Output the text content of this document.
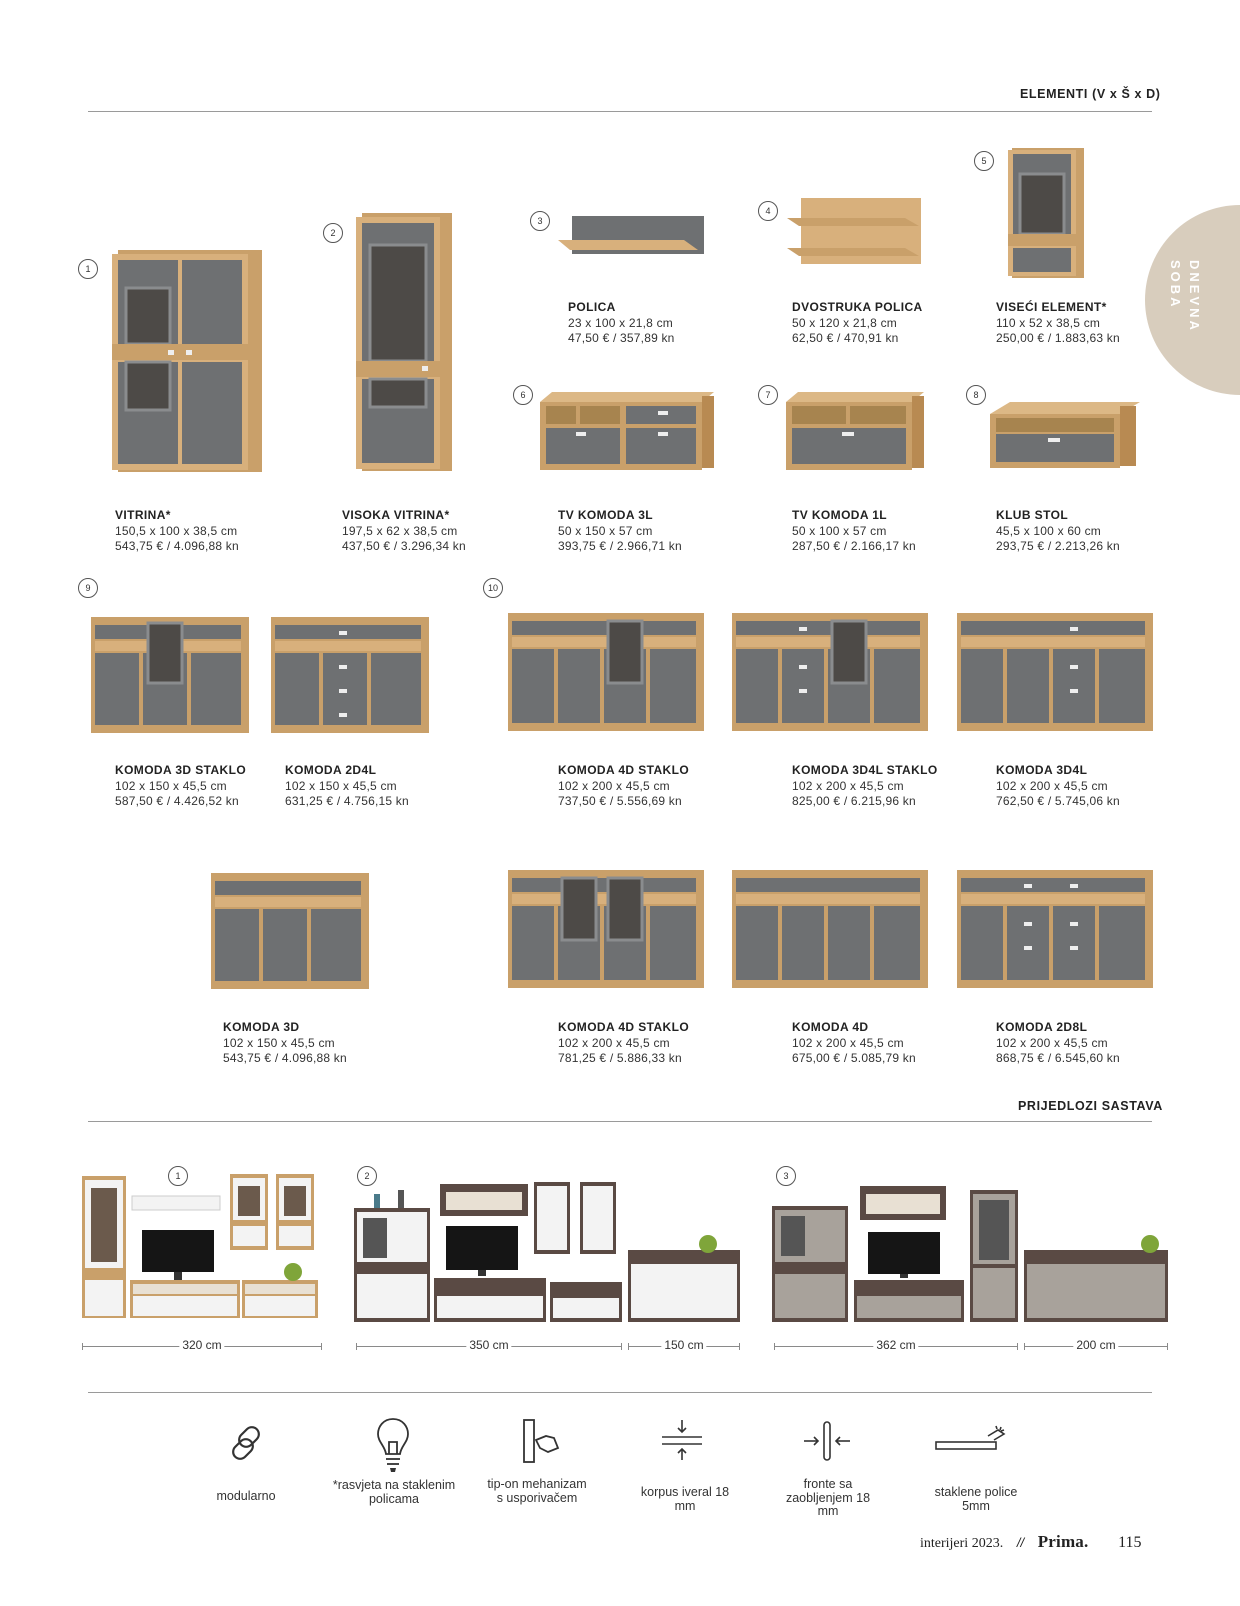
ELEMENTI (V x Š x D)
DNEVNA
SOBA
1
2
3
4
5
6	7	8
9	10
POLICA
23 x 100 x 21,8 cm
47,50 € / 357,89 kn
DVOSTRUKA POLICA
50 x 120 x 21,8 cm
62,50 € / 470,91 kn
VISEĆI ELEMENT*
110 x 52 x 38,5 cm
250,00 € / 1.883,63 kn
VITRINA*
150,5 x 100 x 38,5 cm
543,75 € / 4.096,88 kn
VISOKA VITRINA*
197,5 x 62 x 38,5 cm
437,50 € / 3.296,34 kn
TV KOMODA 3L
50 x 150 x 57 cm
393,75 € / 2.966,71 kn
TV KOMODA 1L
50 x 100 x 57 cm
287,50 € / 2.166,17 kn
KLUB STOL
45,5 x 100 x 60 cm
293,75 € / 2.213,26 kn
KOMODA 3D STAKLO
102 x 150 x 45,5 cm
587,50 € / 4.426,52 kn
KOMODA 2D4L
102 x 150 x 45,5 cm
631,25 € / 4.756,15 kn
KOMODA 4D STAKLO
102 x 200 x 45,5 cm
737,50 € / 5.556,69 kn
KOMODA 3D4L STAKLO
102 x 200 x 45,5 cm
825,00 € / 6.215,96 kn
KOMODA 3D4L
102 x 200 x 45,5 cm
762,50 € / 5.745,06 kn
KOMODA 3D
102 x 150 x 45,5 cm
543,75 € / 4.096,88 kn
KOMODA 4D STAKLO
102 x 200 x 45,5 cm
781,25 € / 5.886,33 kn
KOMODA 4D
102 x 200 x 45,5 cm
675,00 € / 5.085,79 kn
KOMODA 2D8L
102 x 200 x 45,5 cm
868,75 € / 6.545,60 kn
PRIJEDLOZI SASTAVA
1	2	3
320 cm	350 cm	150 cm	362 cm	200 cm
modularno
*rasvjeta na staklenim policama
tip-on mehanizam s usporivačem	korpus iveral 18 mm
fronte sa zaobljenjem 18 mm
staklene police 5mm
interijeri 2023. // Prima. 115
